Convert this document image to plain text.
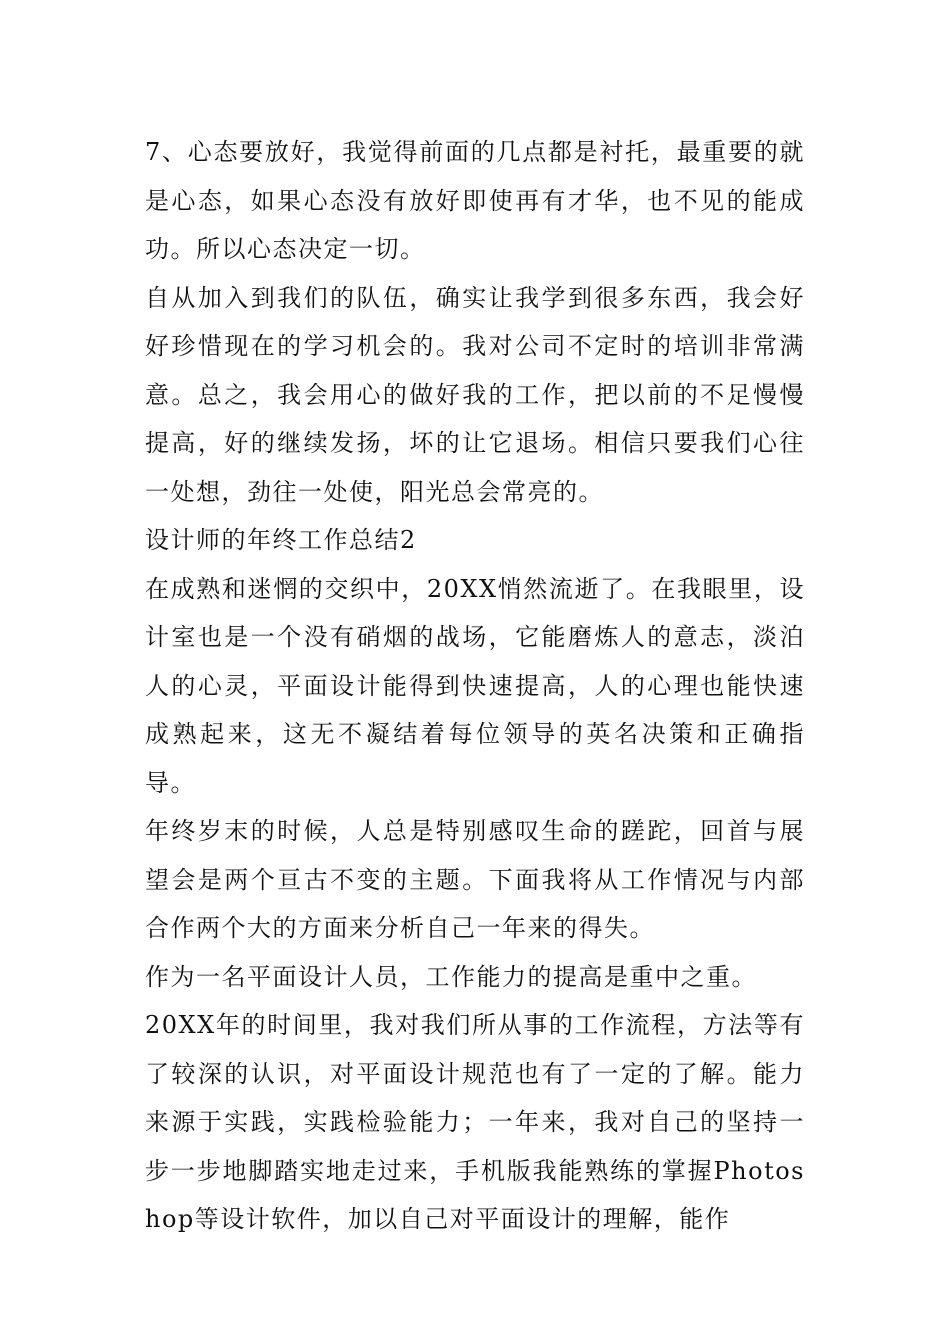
7、心态要放好，我觉得前面的几点都是衬托，最重要的就是心态，如果心态没有放好即使再有才华，也不见的能成功。所以心态决定一切。

自从加入到我们的队伍，确实让我学到很多东西，我会好好珍惜现在的学习机会的。我对公司不定时的培训非常满意。总之，我会用心的做好我的工作，把以前的不足慢慢提高，好的继续发扬，坏的让它退场。相信只要我们心往一处想，劲往一处使，阳光总会常亮的。

设计师的年终工作总结2

在成熟和迷惘的交织中，20XX悄然流逝了。在我眼里，设计室也是一个没有硝烟的战场，它能磨炼人的意志，淡泊人的心灵，平面设计能得到快速提高，人的心理也能快速成熟起来，这无不凝结着每位领导的英名决策和正确指导。

年终岁末的时候，人总是特别感叹生命的蹉跎，回首与展望会是两个亘古不变的主题。下面我将从工作情况与内部合作两个大的方面来分析自己一年来的得失。

作为一名平面设计人员，工作能力的提高是重中之重。

20XX年的时间里，我对我们所从事的工作流程，方法等有了较深的认识，对平面设计规范也有了一定的了解。能力来源于实践，实践检验能力；一年来，我对自己的坚持一步一步地脚踏实地走过来，手机版我能熟练的掌握Photoshop等设计软件，加以自己对平面设计的理解，能作
